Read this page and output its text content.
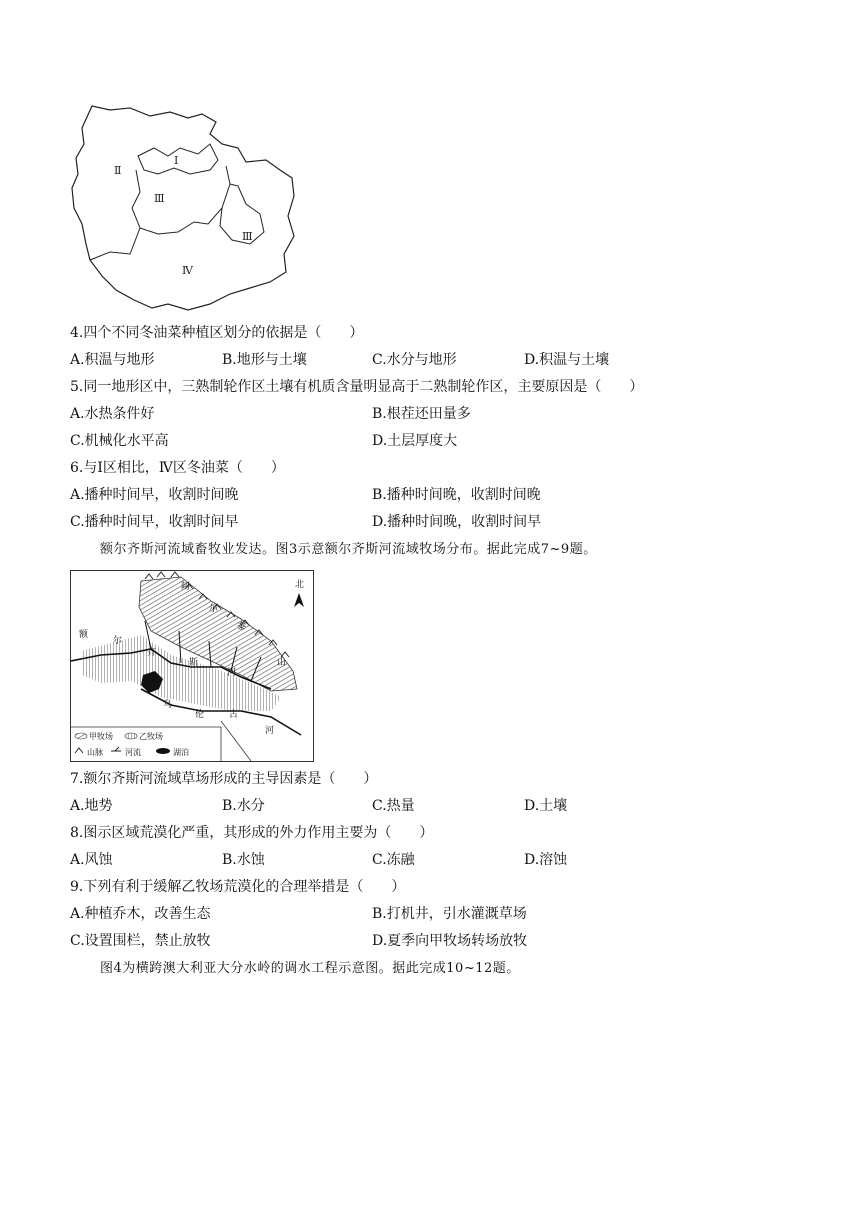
Ⅰ
Ⅱ
Ⅲ
Ⅲ
Ⅳ
4.四个不同冬油菜种植区划分的依据是（　　）
A.积温与地形	B.地形与土壤	C.水分与地形	D.积温与土壤
5.同一地形区中，三熟制轮作区土壤有机质含量明显高于二熟制轮作区，主要原因是（　　）
A.水热条件好	B.根茬还田量多
C.机械化水平高	D.土层厚度大
6.与Ⅰ区相比，Ⅳ区冬油菜（　　）
A.播种时间早，收割时间晚	B.播种时间晚，收割时间晚
C.播种时间早，收割时间早	D.播种时间晚，收割时间早
额尔齐斯河流域畜牧业发达。图3示意额尔齐斯河流域牧场分布。据此完成7~9题。
北
阿
尔
泰
山
额
尔
齐
斯
河
乌
伦	古
河
甲牧场	乙牧场
山脉	河流	湖泊
7.额尔齐斯河流域草场形成的主导因素是（　　）
A.地势	B.水分	C.热量	D.土壤
8.图示区域荒漠化严重，其形成的外力作用主要为（　　）
A.风蚀	B.水蚀	C.冻融	D.溶蚀
9.下列有利于缓解乙牧场荒漠化的合理举措是（　　）
A.种植乔木，改善生态	B.打机井，引水灌溉草场
C.设置围栏，禁止放牧	D.夏季向甲牧场转场放牧
图4为横跨澳大利亚大分水岭的调水工程示意图。据此完成10~12题。
